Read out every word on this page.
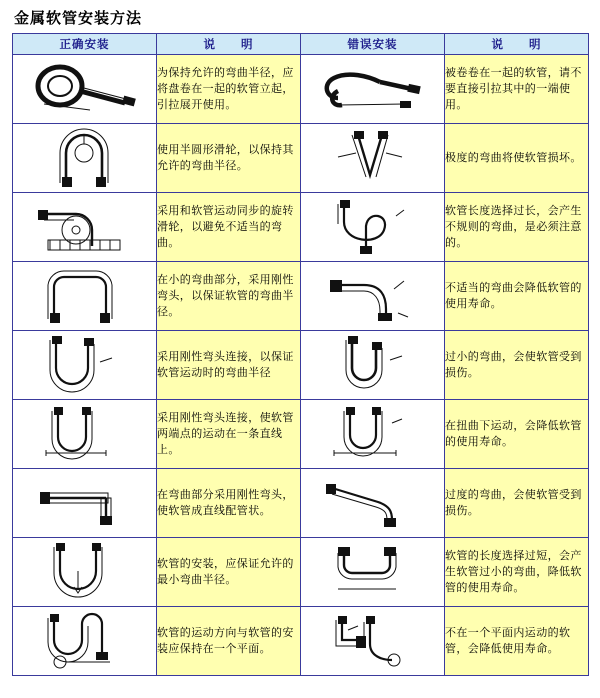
金属软管安装方法
正确安装	说　　明	错误安装	说　　明

	为保持允许的弯曲半径，应将盘卷在一起的软管立起，引拉展开使用。		被卷卷在一起的软管，请不要直接引拉其中的一端使用。

	使用半圆形滑轮，以保持其允许的弯曲半径。		极度的弯曲将使软管损坏。

	采用和软管运动同步的旋转滑轮，以避免不适当的弯曲。		软管长度选择过长，会产生不规则的弯曲，是必须注意的。

	在小的弯曲部分，采用刚性弯头，以保证软管的弯曲半径。		不适当的弯曲会降低软管的使用寿命。

	采用刚性弯头连接，以保证软管运动时的弯曲半径		过小的弯曲，会使软管受到损伤。

	采用刚性弯头连接，使软管两端点的运动在一条直线上。		在扭曲下运动，会降低软管的使用寿命。

	在弯曲部分采用刚性弯头，使软管成直线配管状。		过度的弯曲，会使软管受到损伤。

	软管的安装，应保证允许的最小弯曲半径。		软管的长度选择过短，会产生软管过小的弯曲，降低软管的使用寿命。

	软管的运动方向与软管的安装应保持在一个平面。		不在一个平面内运动的软管，会降低使用寿命。
